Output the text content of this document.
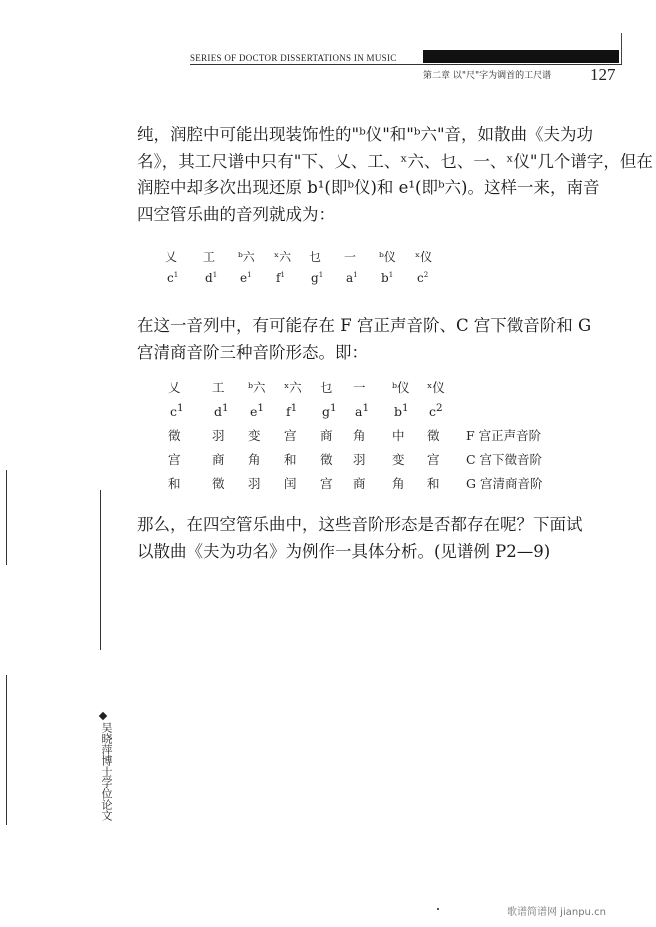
SERIES OF DOCTOR DISSERTATIONS IN MUSIC
第二章 以"尺"字为调首的工尺谱 127

纯，润腔中可能出现装饰性的"ᵇ仪"和"ᵇ六"音，如散曲《夫为功
名》，其工尺谱中只有"下、乂、工、ˣ六、乜、一、ˣ仪"几个谱字，但在
润腔中却多次出现还原 b¹(即ᵇ仪)和 e¹(即ᵇ六)。这样一来，南音
四空管乐曲的音列就成为：

乂 工 ᵇ六 ˣ六 乜 一 ᵇ仪 ˣ仪
$c^1$ $d^1$ $e^1$ $f^1$ $g^1$ $a^1$ $b^1$ $c^2$

在这一音列中，有可能存在 F 宫正声音阶、C 宫下徵音阶和 G
宫清商音阶三种音阶形态。即：

乂	工 ᵇ六 ˣ六 乜 一 ᵇ仪 ˣ仪
$c^1$ $d^1$ $e^1$ $f^1$ $g^1$ $a^1$ $b^1$ $c^2$
徵	羽 变 宫 商 角 中 徵 F 宫正声音阶
宫	商 角 和 徵 羽 变 宫 C 宫下徵音阶
和	徵 羽 闰 宫 商 角 和 G 宫清商音阶

那么，在四空管乐曲中，这些音阶形态是否都存在呢？下面试
以散曲《夫为功名》为例作一具体分析。(见谱例 P2—9)

吴晓萍博士学位论文
歌谱简谱网 jianpu.cn
